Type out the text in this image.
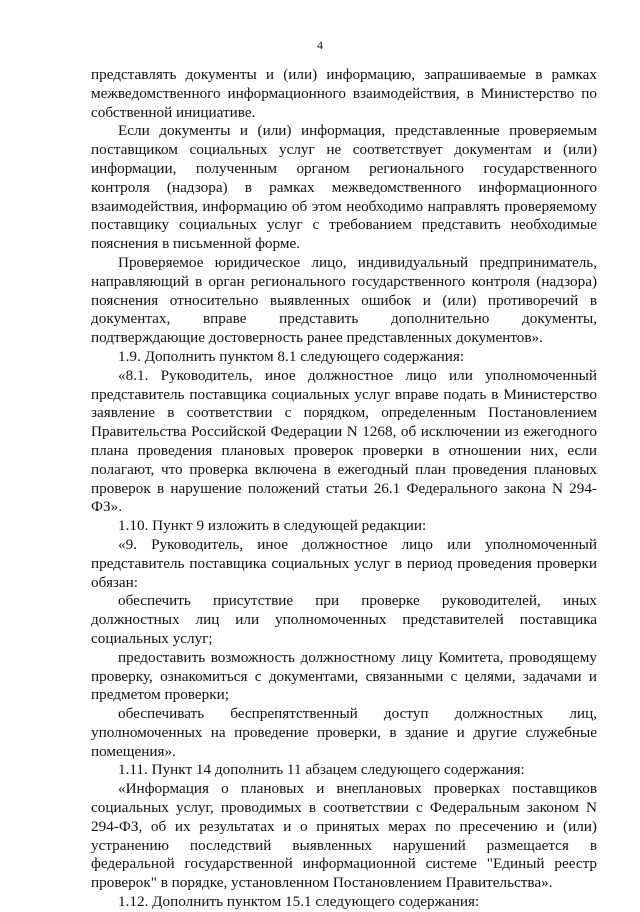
4

представлять документы и (или) информацию, запрашиваемые в рамках межведомственного информационного взаимодействия, в Министерство по собственной инициативе.

Если документы и (или) информация, представленные проверяемым поставщиком социальных услуг не соответствует документам и (или) информации, полученным органом регионального государственного контроля (надзора) в рамках межведомственного информационного взаимодействия, информацию об этом необходимо направлять проверяемому поставщику социальных услуг с требованием представить необходимые пояснения в письменной форме.

Проверяемое юридическое лицо, индивидуальный предприниматель, направляющий в орган регионального государственного контроля (надзора) пояснения относительно выявленных ошибок и (или) противоречий в документах, вправе представить дополнительно документы, подтверждающие достоверность ранее представленных документов».

1.9. Дополнить пунктом 8.1 следующего содержания:

«8.1. Руководитель, иное должностное лицо или уполномоченный представитель поставщика социальных услуг вправе подать в Министерство заявление в соответствии с порядком, определенным Постановлением Правительства Российской Федерации N 1268, об исключении из ежегодного плана проведения плановых проверок проверки в отношении них, если полагают, что проверка включена в ежегодный план проведения плановых проверок в нарушение положений статьи 26.1 Федерального закона N 294-ФЗ».

1.10. Пункт 9 изложить в следующей редакции:

«9. Руководитель, иное должностное лицо или уполномоченный представитель поставщика социальных услуг в период проведения проверки обязан:

обеспечить присутствие при проверке руководителей, иных должностных лиц или уполномоченных представителей поставщика социальных услуг;

предоставить возможность должностному лицу Комитета, проводящему проверку, ознакомиться с документами, связанными с целями, задачами и предметом проверки;

обеспечивать беспрепятственный доступ должностных лиц, уполномоченных на проведение проверки, в здание и другие служебные помещения».

1.11. Пункт 14 дополнить 11 абзацем следующего содержания:

«Информация о плановых и внеплановых проверках поставщиков социальных услуг, проводимых в соответствии с Федеральным законом N 294-ФЗ, об их результатах и о принятых мерах по пресечению и (или) устранению последствий выявленных нарушений размещается в федеральной государственной информационной системе "Единый реестр проверок" в порядке, установленном Постановлением Правительства».

1.12. Дополнить пунктом 15.1 следующего содержания:
